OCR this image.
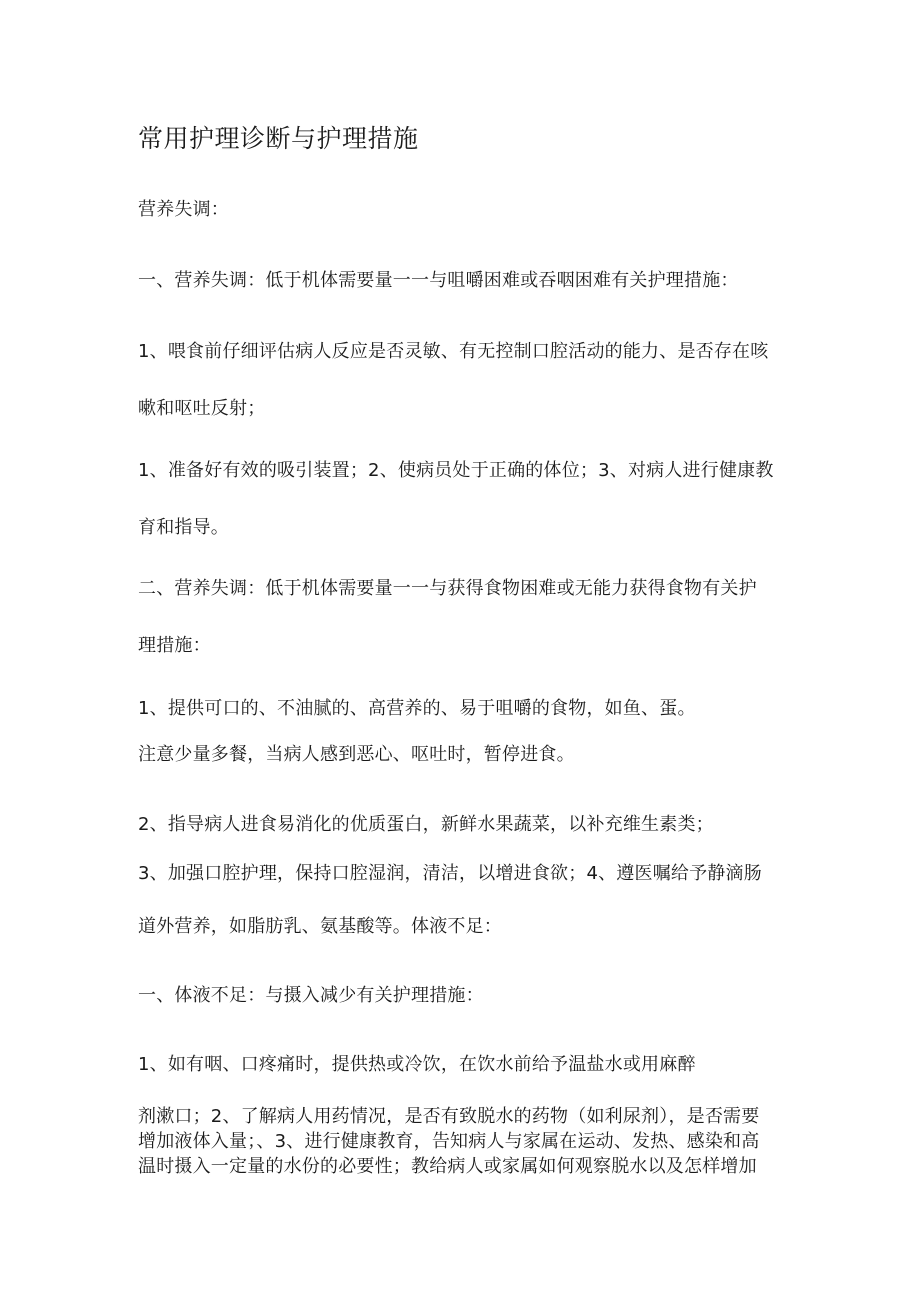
常用护理诊断与护理措施
营养失调：
一、营养失调：低于机体需要量一一与咀嚼困难或吞咽困难有关护理措施：
1、喂食前仔细评估病人反应是否灵敏、有无控制口腔活动的能力、是否存在咳
嗽和呕吐反射；
1、准备好有效的吸引装置；2、使病员处于正确的体位；3、对病人进行健康教
育和指导。
二、营养失调：低于机体需要量一一与获得食物困难或无能力获得食物有关护
理措施：
1、提供可口的、不油腻的、高营养的、易于咀嚼的食物，如鱼、蛋。
注意少量多餐，当病人感到恶心、呕吐时，暂停进食。
2、指导病人进食易消化的优质蛋白，新鲜水果蔬菜，以补充维生素类；
3、加强口腔护理，保持口腔湿润，清洁，以增进食欲；4、遵医嘱给予静滴肠
道外营养，如脂肪乳、氨基酸等。体液不足：
一、体液不足：与摄入减少有关护理措施：
1、如有咽、口疼痛时，提供热或冷饮，在饮水前给予温盐水或用麻醉
剂漱口；2、了解病人用药情况，是否有致脱水的药物（如利尿剂），是否需要
增加液体入量；、3、进行健康教育，告知病人与家属在运动、发热、感染和高
温时摄入一定量的水份的必要性；教给病人或家属如何观察脱水以及怎样增加
